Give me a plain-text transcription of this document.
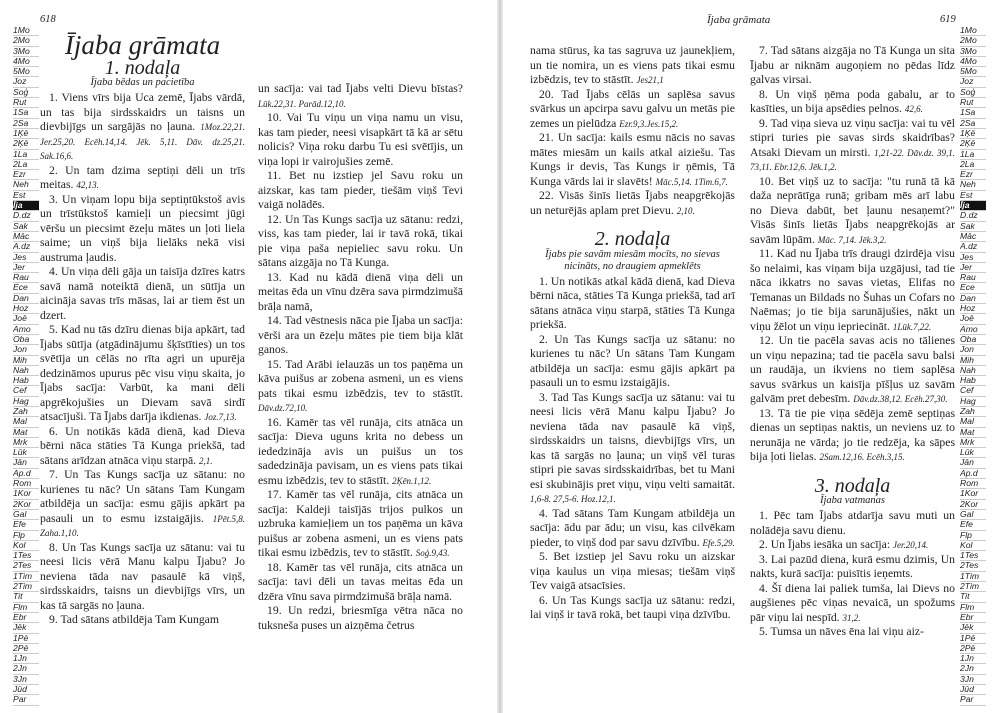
1Mo
2Mo
3Mo
4Mo
5Mo
Joz
Soģ
Rut
1Sa
2Sa
1Ķē
2Ķē
1La
2La
Ezr
Neh
Est
Īja
D.dz
Sak
Māc
A.dz
Jes
Jer
Rau
Ece
Dan
Hoz
Joē
Amo
Oba
Jon
Mih
Nah
Hab
Cef
Hag
Zah
Mal
Mat
Mrk
Lūk
Jān
Ap.d
Rom
1Kor
2Kor
Gal
Efe
Flp
Kol
1Tes
2Tes
1Tim
2Tim
Tit
Flm
Ebr
Jēk
1Pē
2Pē
1Jn
2Jn
3Jn
Jūd
Par
618
Ījaba grāmata
1. nodaļa
Ījaba bēdas un pacietība

1. Viens vīrs bija Uca zemē, Ījabs vārdā, un tas bija sirdsskaidrs un taisns un dievbijīgs un sargājās no ļauna. 1Moz.22,21. Jer.25,20. Ecēh.14,14. Jēk. 5,11. Dāv. dz.25,21. Sak.16,6.

2. Un tam dzima septiņi dēli un trīs meitas. 42,13.

3. Un viņam lopu bija septiņtūkstoš avis un trīstūkstoš kamieļi un piecsimt jūgi vēršu un piecsimt ēzeļu mātes un ļoti liela saime; un viņš bija lielāks nekā visi austruma ļaudis.

4. Un viņa dēli gāja un taisīja dzīres katrs savā namā noteiktā dienā, un sūtīja un aicināja savas trīs māsas, lai ar tiem ēst un dzert.

5. Kad nu tās dzīru dienas bija apkārt, tad Ījabs sūtīja (atgādinājumu šķīstīties) un tos svētīja un cēlās no rīta agri un upurēja dedzināmos upurus pēc visu viņu skaita, jo Ījabs sacīja: Varbūt, ka mani dēli apgrēkojušies un Dievam savā sirdī atsacījuši. Tā Ījabs darīja ikdienas. Joz.7,13.

6. Un notikās kādā dienā, kad Dieva bērni nāca stāties Tā Kunga priekšā, tad sātans arīdzan atnāca viņu starpā. 2,1.

7. Un Tas Kungs sacīja uz sātanu: no kurienes tu nāc? Un sātans Tam Kungam atbildēja un sacīja: esmu gājis apkārt pa pasauli un to esmu izstaigājis. 1Pēt.5,8. Zaha.1,10.

8. Un Tas Kungs sacīja uz sātanu: vai tu neesi licis vērā Manu kalpu Ījabu? Jo neviena tāda nav pasaulē kā viņš, sirdsskaidrs, taisns un dievbijīgs vīrs, un kas tā sargās no ļauna.

9. Tad sātans atbildēja Tam Kungam

un sacīja: vai tad Ījabs velti Dievu bīstas? Lūk.22,31. Parād.12,10.

10. Vai Tu viņu un viņa namu un visu, kas tam pieder, neesi visapkārt tā kā ar sētu nolicis? Viņa roku darbu Tu esi svētījis, un viņa lopi ir vairojušies zemē.

11. Bet nu izstiep jel Savu roku un aizskar, kas tam pieder, tiešām viņš Tevi vaigā nolādēs.

12. Un Tas Kungs sacīja uz sātanu: redzi, viss, kas tam pieder, lai ir tavā rokā, tikai pie viņa paša nepieliec savu roku. Un sātans aizgāja no Tā Kunga.

13. Kad nu kādā dienā viņa dēli un meitas ēda un vīnu dzēra sava pirmdzimušā brāļa namā,

14. Tad vēstnesis nāca pie Ījaba un sacīja: vērši ara un ēzeļu mātes pie tiem bija klāt ganos.

15. Tad Arābi ielauzās un tos paņēma un kāva puišus ar zobena asmeni, un es viens pats tikai esmu izbēdzis, tev to stāstīt. Dāv.dz.72,10.

16. Kamēr tas vēl runāja, cits atnāca un sacīja: Dieva uguns krita no debess un iededzināja avis un puišus un tos sadedzināja pavisam, un es viens pats tikai esmu izbēdzis, tev to stāstīt. 2Ķēn.1,12.

17. Kamēr tas vēl runāja, cits atnāca un sacīja: Kaldeji taisījās trijos pulkos un uzbruka kamieļiem un tos paņēma un kāva puišus ar zobena asmeni, un es viens pats tikai esmu izbēdzis, tev to stāstīt. Soģ.9,43.

18. Kamēr tas vēl runāja, cits atnāca un sacīja: tavi dēli un tavas meitas ēda un dzēra vīnu sava pirmdzimušā brāļa namā.

19. Un redzi, briesmīga vētra nāca no tuksneša puses un aizņēma četrus

Ījaba grāmata	619

nama stūrus, ka tas sagruva uz jaunekļiem, un tie nomira, un es viens pats tikai esmu izbēdzis, tev to stāstīt. Jes21,1

20. Tad Ījabs cēlās un saplēsa savus svārkus un apcirpa savu galvu un metās pie zemes un pielūdza Ezr.9,3.Jes.15,2.

21. Un sacīja: kails esmu nācis no savas mātes miesām un kails atkal aiziešu. Tas Kungs ir devis, Tas Kungs ir ņēmis, Tā Kunga vārds lai ir slavēts! Māc.5,14. 1Tim.6,7.

22. Visās šinīs lietās Ījabs neapgrēkojās un neturējās aplam pret Dievu. 2,10.

2. nodaļa
Ījabs pie savām miesām mocīts, no sievas nicināts, no draugiem apmeklēts

1. Un notikās atkal kādā dienā, kad Dieva bērni nāca, stāties Tā Kunga priekšā, tad arī sātans atnāca viņu starpā, stāties Tā Kunga priekšā.

2. Un Tas Kungs sacīja uz sātanu: no kurienes tu nāc? Un sātans Tam Kungam atbildēja un sacīja: esmu gājis apkārt pa pasauli un to esmu izstaigājis.

3. Tad Tas Kungs sacīja uz sātanu: vai tu neesi licis vērā Manu kalpu Ījabu? Jo neviena tāda nav pasaulē kā viņš, sirdsskaidrs un taisns, dievbijīgs vīrs, un kas tā sargās no ļauna; un viņš vēl turas stipri pie savas sirdsskaidrības, bet tu Mani esi skubinājis pret viņu, viņu velti samaitāt. 1,6-8. 27,5-6. Hoz.12,1.

4. Tad sātans Tam Kungam atbildēja un sacīja: ādu par ādu; un visu, kas cilvēkam pieder, to viņš dod par savu dzīvību. Efe.5,29.

5. Bet izstiep jel Savu roku un aizskar viņa kaulus un viņa miesas; tiešām viņš Tev vaigā atsacīsies.

6. Un Tas Kungs sacīja uz sātanu: redzi, lai viņš ir tavā rokā, bet taupi viņa dzīvību.

7. Tad sātans aizgāja no Tā Kunga un sita Ījabu ar niknām augoņiem no pēdas līdz galvas virsai.

8. Un viņš ņēma poda gabalu, ar to kasīties, un bija apsēdies pelnos. 42,6.

9. Tad viņa sieva uz viņu sacīja: vai tu vēl stipri turies pie savas sirds skaidrības? Atsaki Dievam un mirsti. 1,21-22. Dāv.dz. 39,1. 73,11. Ebr.12,6. Jēk.1,2.

10. Bet viņš uz to sacīja: "tu runā tā kā daža neprātīga runā; gribam mēs arī labu no Dieva dabūt, bet ļaunu nesaņemt?" Visās šinīs lietās Ījabs neapgrēkojās ar savām lūpām. Māc. 7,14. Jēk.3,2.

11. Kad nu Ījaba trīs draugi dzirdēja visu šo nelaimi, kas viņam bija uzgājusi, tad tie nāca ikkatrs no savas vietas, Elifas no Temanas un Bildads no Šuhas un Cofars no Naēmas; jo tie bija sarunājušies, nākt un viņu žēlot un viņu iepriecināt. 1Lūk.7,22.

12. Un tie pacēla savas acis no tālienes un viņu nepazina; tad tie pacēla savu balsi un raudāja, un ikviens no tiem saplēsa savus svārkus un kaisīja pīšļus uz savām galvām pret debesīm. Dāv.dz.38,12. Ecēh.27,30.

13. Tā tie pie viņa sēdēja zemē septiņas dienas un septiņas naktis, un neviens uz to nerunāja ne vārda; jo tie redzēja, ka sāpes bija ļoti lielas. 2Sam.12,16. Ecēh.3,15.

3. nodaļa
Ījaba vatmanas

1. Pēc tam Ījabs atdarīja savu muti un nolādēja savu dienu.

2. Un Ījabs iesāka un sacīja: Jer.20,14.

3. Lai pazūd diena, kurā esmu dzimis, Un nakts, kurā sacīja: puisītis ieņemts.

4. Šī diena lai paliek tumša, lai Dievs no augšienes pēc viņas nevaicā, un spožums pār viņu lai nespīd. 31,2.

5. Tumsa un nāves ēna lai viņu aiz-

1Mo
2Mo
3Mo
4Mo
5Mo
Joz
Soģ
Rut
1Sa
2Sa
1Ķē
2Ķē
1La
2La
Ezr
Neh
Est
Īja
D.dz
Sak
Māc
A.dz
Jes
Jer
Rau
Ece
Dan
Hoz
Joē
Amo
Oba
Jon
Mih
Nah
Hab
Cef
Hag
Zah
Mal
Mat
Mrk
Lūk
Jān
Ap.d
Rom
1Kor
2Kor
Gal
Efe
Flp
Kol
1Tes
2Tes
1Tim
2Tim
Tit
Flm
Ebr
Jēk
1Pē
2Pē
1Jn
2Jn
3Jn
Jūd
Par
